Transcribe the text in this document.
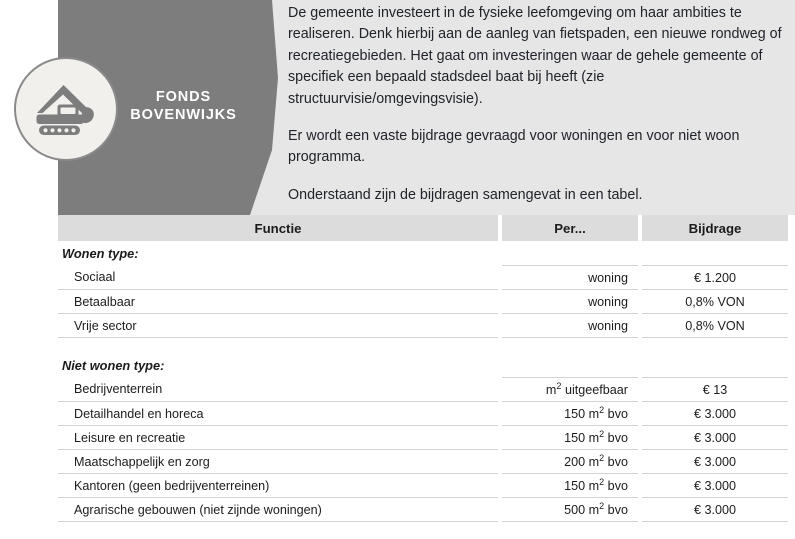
FONDS
BOVENWIJKS

De gemeente investeert in de fysieke leefomgeving om haar ambities te realiseren. Denk hierbij aan de aanleg van fietspaden, een nieuwe rondweg of recreatiegebieden. Het gaat om investeringen waar de gehele gemeente of specifiek een bepaald stadsdeel baat bij heeft (zie structuurvisie/omgevingsvisie).

Er wordt een vaste bijdrage gevraagd voor woningen en voor niet woon programma.

Onderstaand zijn de bijdragen samengevat in een tabel.

Functie	Per...	Bijdrage
Wonen type:		
Sociaal	woning	€ 1.200
Betaalbaar	woning	0,8% VON
Vrije sector	woning	0,8% VON

Niet wonen type:		
Bedrijventerrein	$m^2$ uitgeefbaar	€ 13
Detailhandel en horeca	150 $m^2$ bvo	€ 3.000
Leisure en recreatie	150 $m^2$ bvo	€ 3.000
Maatschappelijk en zorg	200 $m^2$ bvo	€ 3.000
Kantoren (geen bedrijventerreinen)	150 $m^2$ bvo	€ 3.000
Agrarische gebouwen (niet zijnde woningen)	500 $m^2$ bvo	€ 3.000
